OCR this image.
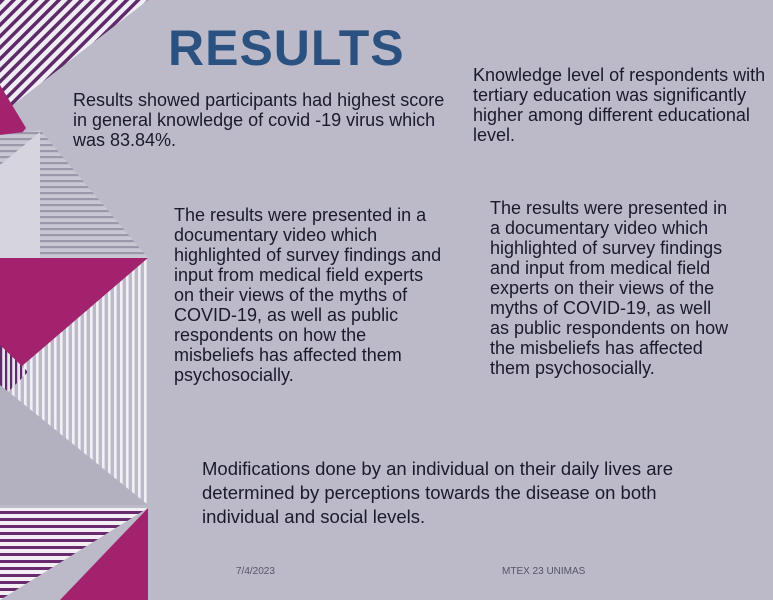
RESULTS
Results showed participants had highest score in general knowledge of covid -19 virus which was 83.84%.
Knowledge level of respondents with tertiary education was significantly higher among different educational level.
The results were presented in a documentary video which highlighted of survey findings and input from medical field experts on their views of the myths of COVID-19, as well as public respondents on how the misbeliefs has affected them psychosocially.
The results were presented in a documentary video which highlighted of survey findings and input from medical field experts on their views of the myths of COVID-19, as well as public respondents on how the misbeliefs has affected them psychosocially.
Modifications done by an individual on their daily lives are determined by perceptions towards the disease on both individual and social levels.
7/4/2023	MTEX 23 UNIMAS
